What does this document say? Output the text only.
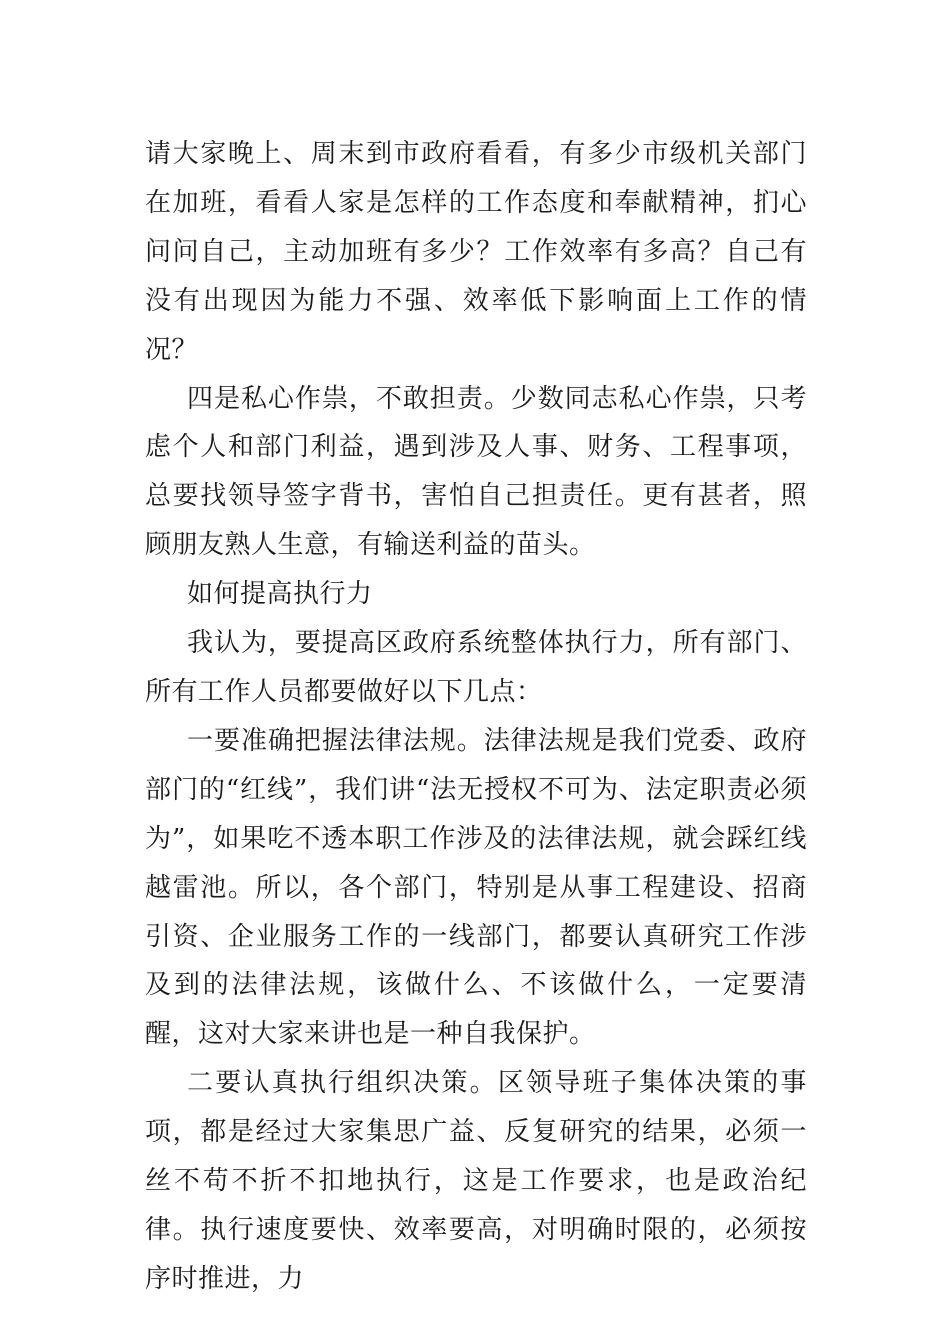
请大家晚上、周末到市政府看看，有多少市级机关部门在加班，看看人家是怎样的工作态度和奉献精神，扪心问问自己，主动加班有多少？工作效率有多高？自己有没有出现因为能力不强、效率低下影响面上工作的情况？

四是私心作祟，不敢担责。少数同志私心作祟，只考虑个人和部门利益，遇到涉及人事、财务、工程事项，总要找领导签字背书，害怕自己担责任。更有甚者，照顾朋友熟人生意，有输送利益的苗头。

如何提高执行力

我认为，要提高区政府系统整体执行力，所有部门、所有工作人员都要做好以下几点：

一要准确把握法律法规。法律法规是我们党委、政府部门的“红线”，我们讲“法无授权不可为、法定职责必须为”，如果吃不透本职工作涉及的法律法规，就会踩红线越雷池。所以，各个部门，特别是从事工程建设、招商引资、企业服务工作的一线部门，都要认真研究工作涉及到的法律法规，该做什么、不该做什么，一定要清醒，这对大家来讲也是一种自我保护。

二要认真执行组织决策。区领导班子集体决策的事项，都是经过大家集思广益、反复研究的结果，必须一丝不苟不折不扣地执行，这是工作要求，也是政治纪律。执行速度要快、效率要高，对明确时限的，必须按序时推进，力
